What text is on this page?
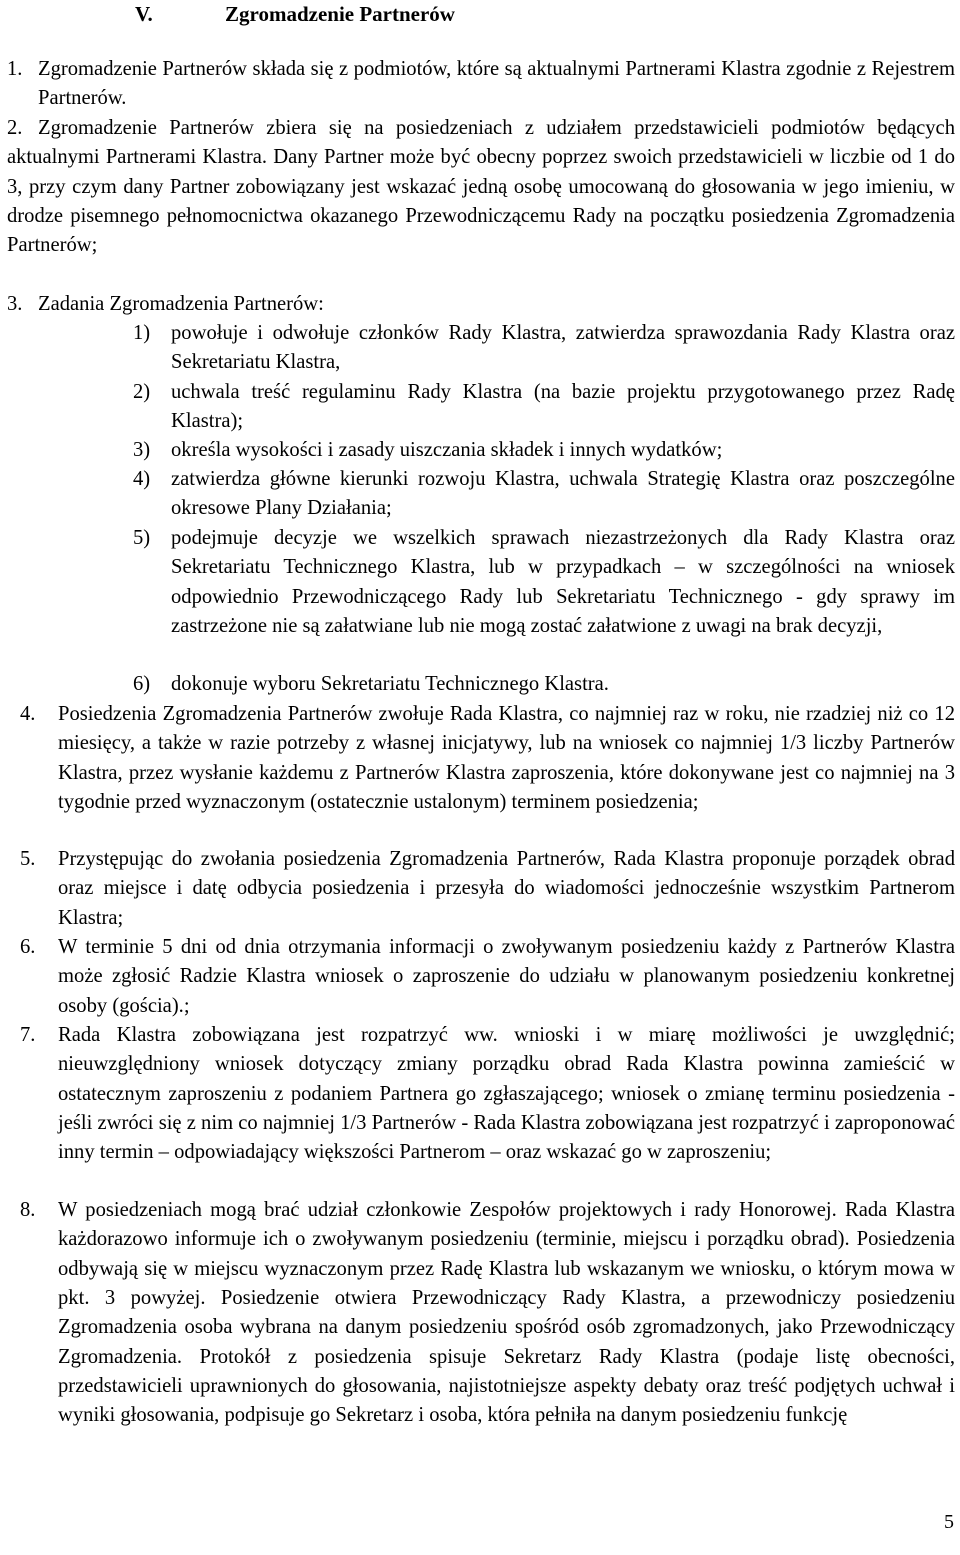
V.	Zgromadzenie Partnerów
1. Zgromadzenie Partnerów składa się z podmiotów, które są aktualnymi Partnerami Klastra zgodnie z Rejestrem Partnerów.
2. Zgromadzenie Partnerów zbiera się na posiedzeniach z udziałem przedstawicieli podmiotów będących aktualnymi Partnerami Klastra. Dany Partner może być obecny poprzez swoich przedstawicieli w liczbie od 1 do 3, przy czym dany Partner zobowiązany jest wskazać jedną osobę umocowaną do głosowania w jego imieniu, w drodze pisemnego pełnomocnictwa okazanego Przewodniczącemu Rady na początku posiedzenia Zgromadzenia Partnerów;
3. Zadania Zgromadzenia Partnerów:
1) powołuje i odwołuje członków Rady Klastra, zatwierdza sprawozdania Rady Klastra oraz Sekretariatu Klastra,
2) uchwala treść regulaminu Rady Klastra (na bazie projektu przygotowanego przez Radę Klastra);
3) określa wysokości i zasady uiszczania składek i innych wydatków;
4) zatwierdza główne kierunki rozwoju Klastra, uchwala Strategię Klastra oraz poszczególne okresowe Plany Działania;
5) podejmuje decyzje we wszelkich sprawach niezastrzeżonych dla Rady Klastra oraz Sekretariatu Technicznego Klastra, lub w przypadkach – w szczególności na wniosek odpowiednio Przewodniczącego Rady lub Sekretariatu Technicznego - gdy sprawy im zastrzeżone nie są załatwiane lub nie mogą zostać załatwione z uwagi na brak decyzji,
6) dokonuje wyboru Sekretariatu Technicznego Klastra.
4. Posiedzenia Zgromadzenia Partnerów zwołuje Rada Klastra, co najmniej raz w roku, nie rzadziej niż co 12 miesięcy, a także w razie potrzeby z własnej inicjatywy, lub na wniosek co najmniej 1/3 liczby Partnerów Klastra, przez wysłanie każdemu z Partnerów Klastra zaproszenia, które dokonywane jest co najmniej na 3 tygodnie przed wyznaczonym (ostatecznie ustalonym) terminem posiedzenia;
5. Przystępując do zwołania posiedzenia Zgromadzenia Partnerów, Rada Klastra proponuje porządek obrad oraz miejsce i datę odbycia posiedzenia i przesyła do wiadomości jednocześnie wszystkim Partnerom Klastra;
6. W terminie 5 dni od dnia otrzymania informacji o zwoływanym posiedzeniu każdy z Partnerów Klastra może zgłosić Radzie Klastra wniosek o zaproszenie do udziału w planowanym posiedzeniu konkretnej osoby (gościa).;
7. Rada Klastra zobowiązana jest rozpatrzyć ww. wnioski i w miarę możliwości je uwzględnić; nieuwzględniony wniosek dotyczący zmiany porządku obrad Rada Klastra powinna zamieścić w ostatecznym zaproszeniu z podaniem Partnera go zgłaszającego; wniosek o zmianę terminu posiedzenia - jeśli zwróci się z nim co najmniej 1/3 Partnerów - Rada Klastra zobowiązana jest rozpatrzyć i zaproponować inny termin – odpowiadający większości Partnerom – oraz wskazać go w zaproszeniu;
8. W posiedzeniach mogą brać udział członkowie Zespołów projektowych i rady Honorowej. Rada Klastra każdorazowo informuje ich o zwoływanym posiedzeniu (terminie, miejscu i porządku obrad). Posiedzenia odbywają się w miejscu wyznaczonym przez Radę Klastra lub wskazanym we wniosku, o którym mowa w pkt. 3 powyżej. Posiedzenie otwiera Przewodniczący Rady Klastra, a przewodniczy posiedzeniu Zgromadzenia osoba wybrana na danym posiedzeniu spośród osób zgromadzonych, jako Przewodniczący Zgromadzenia. Protokół z posiedzenia spisuje Sekretarz Rady Klastra (podaje listę obecności, przedstawicieli uprawnionych do głosowania, najistotniejsze aspekty debaty oraz treść podjętych uchwał i wyniki głosowania, podpisuje go Sekretarz i osoba, która pełniła na danym posiedzeniu funkcję
5
